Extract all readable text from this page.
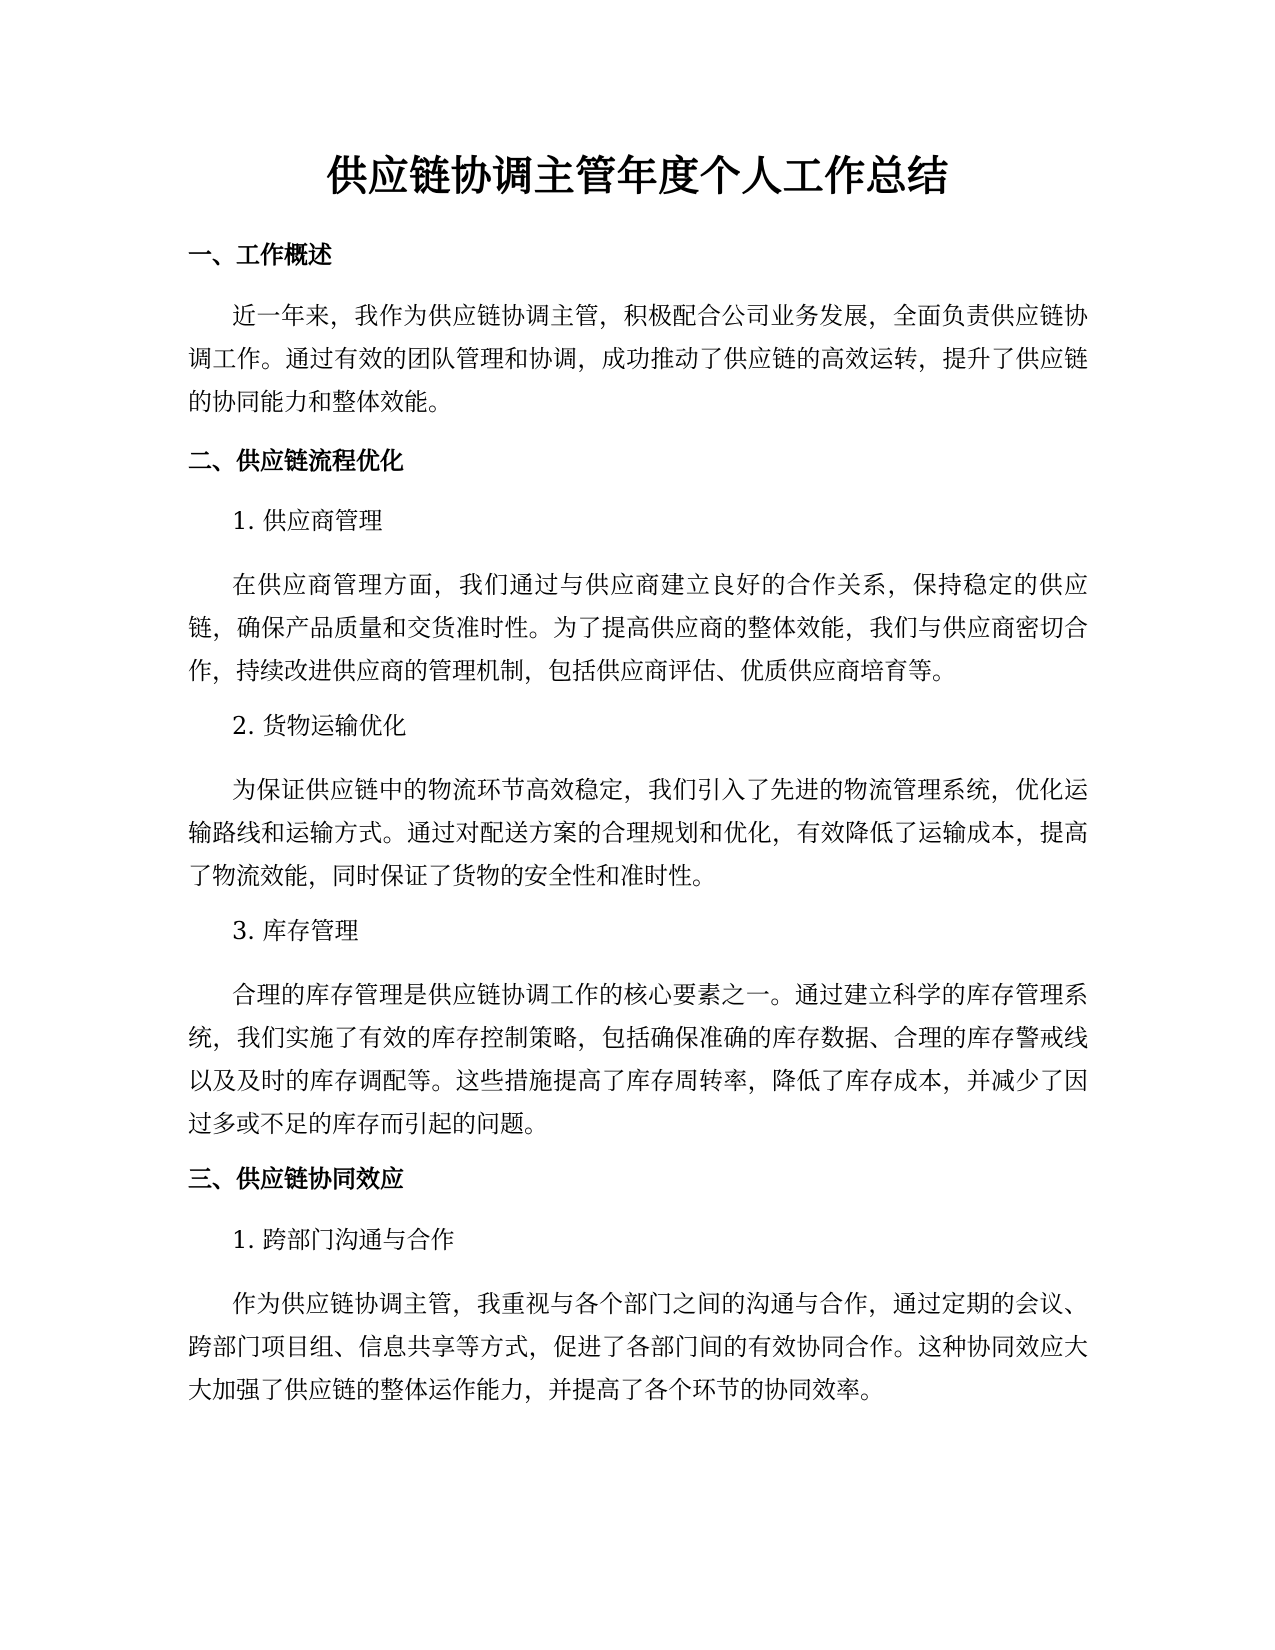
供应链协调主管年度个人工作总结
一、工作概述

近一年来，我作为供应链协调主管，积极配合公司业务发展，全面负责供应链协调工作。通过有效的团队管理和协调，成功推动了供应链的高效运转，提升了供应链的协同能力和整体效能。

二、供应链流程优化
1. 供应商管理

在供应商管理方面，我们通过与供应商建立良好的合作关系，保持稳定的供应链，确保产品质量和交货准时性。为了提高供应商的整体效能，我们与供应商密切合作，持续改进供应商的管理机制，包括供应商评估、优质供应商培育等。

2. 货物运输优化

为保证供应链中的物流环节高效稳定，我们引入了先进的物流管理系统，优化运输路线和运输方式。通过对配送方案的合理规划和优化，有效降低了运输成本，提高了物流效能，同时保证了货物的安全性和准时性。

3. 库存管理

合理的库存管理是供应链协调工作的核心要素之一。通过建立科学的库存管理系统，我们实施了有效的库存控制策略，包括确保准确的库存数据、合理的库存警戒线以及及时的库存调配等。这些措施提高了库存周转率，降低了库存成本，并减少了因过多或不足的库存而引起的问题。

三、供应链协同效应
1. 跨部门沟通与合作

作为供应链协调主管，我重视与各个部门之间的沟通与合作，通过定期的会议、跨部门项目组、信息共享等方式，促进了各部门间的有效协同合作。这种协同效应大大加强了供应链的整体运作能力，并提高了各个环节的协同效率。
